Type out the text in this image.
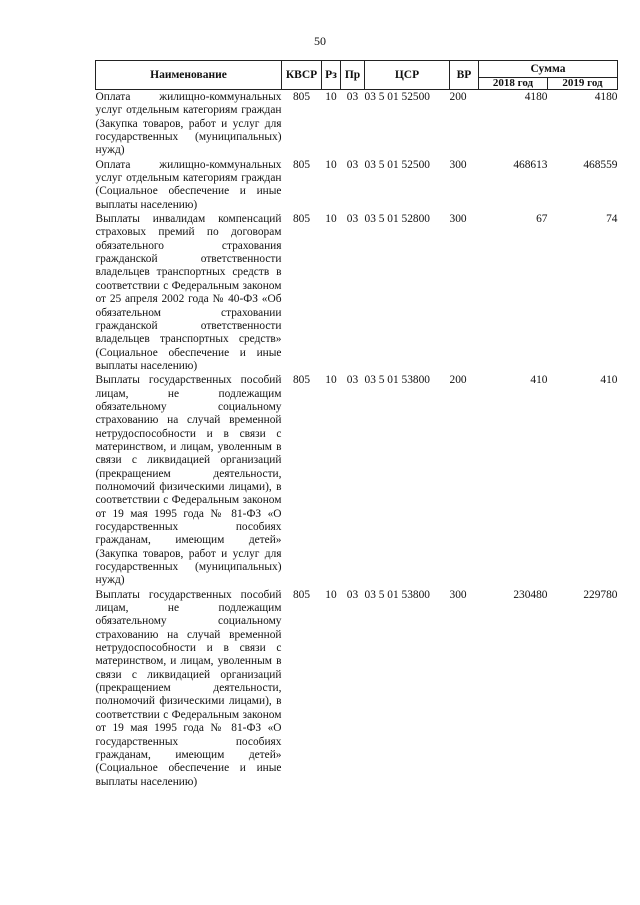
50
Наименование	КВСР	Рз	Пр	ЦСР	ВР	Сумма	
						2018 год	2019 год
Оплата жилищно-коммунальных услуг отдельным категориям граждан (Закупка товаров, работ и услуг для государственных (муниципальных) нужд)	805	10	03	03 5 01 52500	200	4180	4180
Оплата жилищно-коммунальных услуг отдельным категориям граждан (Социальное обеспечение и иные выплаты населению)	805	10	03	03 5 01 52500	300	468613	468559
Выплаты инвалидам компенсаций страховых премий по договорам обязательного страхования гражданской ответственности владельцев транспортных средств в соответствии с Федеральным законом от 25 апреля 2002 года № 40-ФЗ «Об обязательном страховании гражданской ответственности владельцев транспортных средств» (Социальное обеспечение и иные выплаты населению)	805	10	03	03 5 01 52800	300	67	74
Выплаты государственных пособий лицам, не подлежащим обязательному социальному страхованию на случай временной нетрудоспособности и в связи с материнством, и лицам, уволенным в связи с ликвидацией организаций (прекращением деятельности, полномочий физическими лицами), в соответствии с Федеральным законом от 19 мая 1995 года № 81-ФЗ «О государственных пособиях гражданам, имеющим детей» (Закупка товаров, работ и услуг для государственных (муниципальных) нужд)	805	10	03	03 5 01 53800	200	410	410
Выплаты государственных пособий лицам, не подлежащим обязательному социальному страхованию на случай временной нетрудоспособности и в связи с материнством, и лицам, уволенным в связи с ликвидацией организаций (прекращением деятельности, полномочий физическими лицами), в соответствии с Федеральным законом от 19 мая 1995 года № 81-ФЗ «О государственных пособиях гражданам, имеющим детей» (Социальное обеспечение и иные выплаты населению)	805	10	03	03 5 01 53800	300	230480	229780
